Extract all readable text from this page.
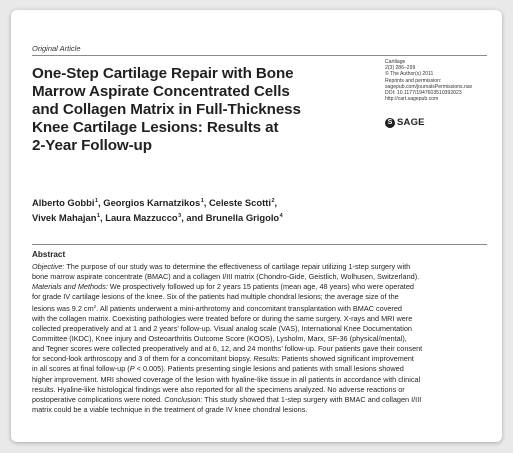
Original Article
One-Step Cartilage Repair with Bone
Marrow Aspirate Concentrated Cells
and Collagen Matrix in Full-Thickness
Knee Cartilage Lesions: Results at
2-Year Follow-up
Cartilage
2(3) 286–299
© The Author(s) 2011
Reprints and permission:
sagepub.com/journalsPermissions.nav
DOI: 10.1177/1947603510392023
http://cart.sagepub.com
S SAGE

Alberto Gobbi$^1$, Georgios Karnatzikos$^1$, Celeste Scotti$^2$,
Vivek Mahajan$^1$, Laura Mazzucco$^3$, and Brunella Grigolo$^4$

Abstract
Objective: The purpose of our study was to determine the effectiveness of cartilage repair utilizing 1-step surgery with
bone marrow aspirate concentrate (BMAC) and a collagen I/III matrix (Chondro-Gide, Geistlich, Wolhusen, Switzerland).
Materials and Methods: We prospectively followed up for 2 years 15 patients (mean age, 48 years) who were operated
for grade IV cartilage lesions of the knee. Six of the patients had multiple chondral lesions; the average size of the
lesions was 9.2 $cm^2$. All patients underwent a mini-arthrotomy and concomitant transplantation with BMAC covered
with the collagen matrix. Coexisting pathologies were treated before or during the same surgery. X-rays and MRI were
collected preoperatively and at 1 and 2 years’ follow-up. Visual analog scale (VAS), International Knee Documentation
Committee (IKDC), Knee injury and Osteoarthritis Outcome Score (KOOS), Lysholm, Marx, SF-36 (physical/mental),
and Tegner scores were collected preoperatively and at 6, 12, and 24 months’ follow-up. Four patients gave their consent
for second-look arthroscopy and 3 of them for a concomitant biopsy. Results: Patients showed significant improvement
in all scores at final follow-up (P < 0.005). Patients presenting single lesions and patients with small lesions showed
higher improvement. MRI showed coverage of the lesion with hyaline-like tissue in all patients in accordance with clinical
results. Hyaline-like histological findings were also reported for all the specimens analyzed. No adverse reactions or
postoperative complications were noted. Conclusion: This study showed that 1-step surgery with BMAC and collagen I/III
matrix could be a viable technique in the treatment of grade IV knee chondral lesions.
